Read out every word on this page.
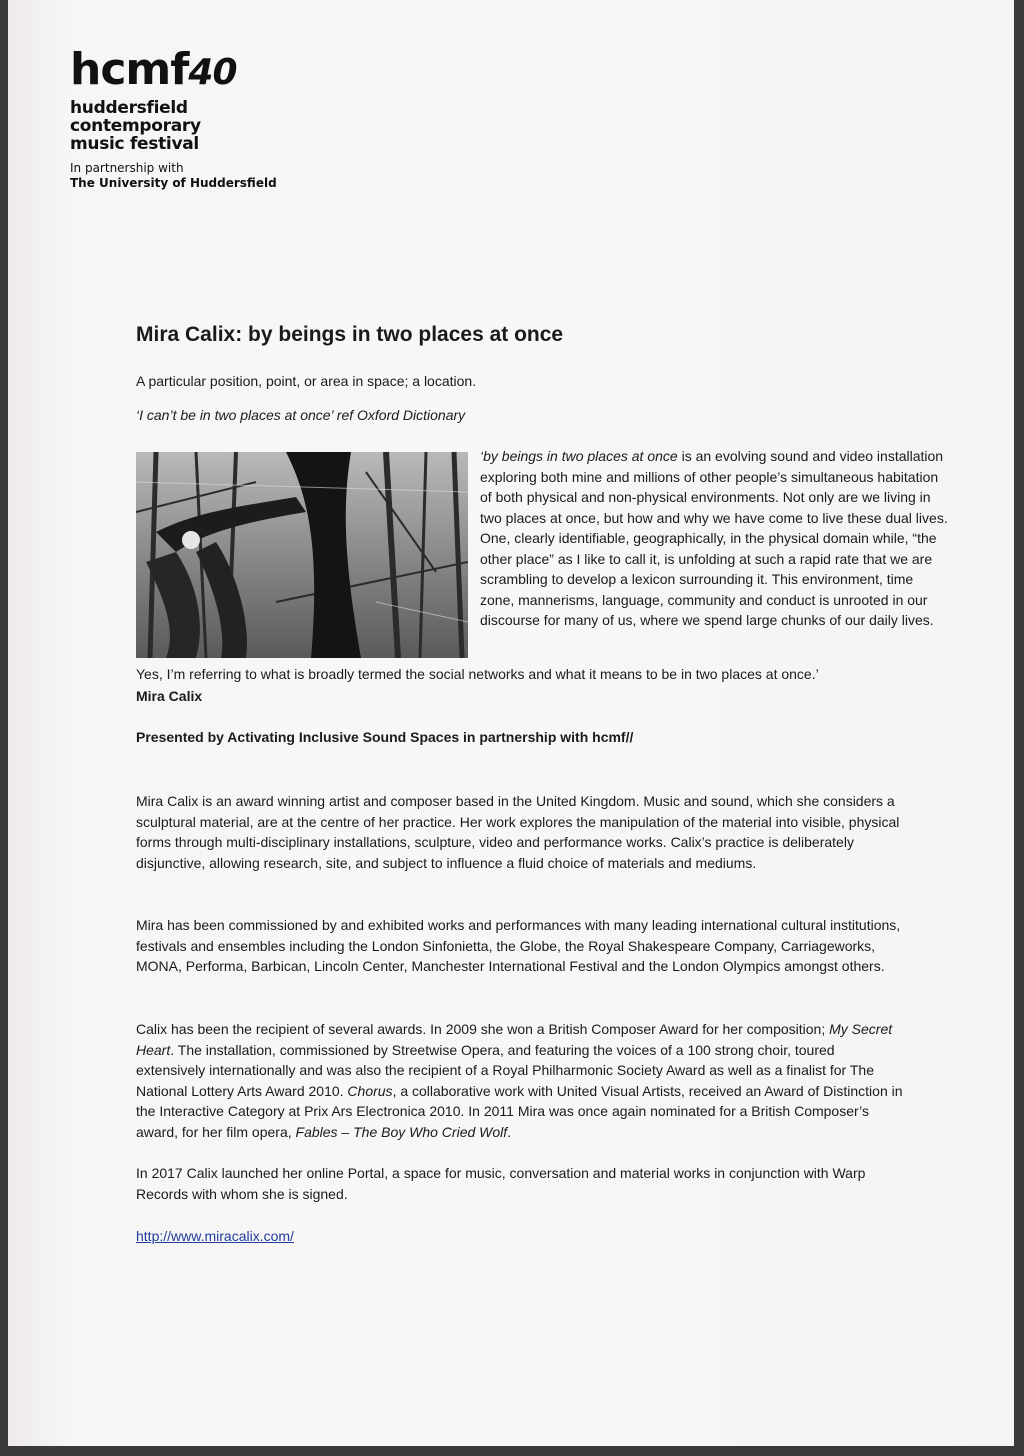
hcmf40
huddersfield
contemporary
music festival
In partnership with
The University of Huddersfield
Mira Calix: by beings in two places at once
A particular position, point, or area in space; a location.
‘I can’t be in two places at once’ ref Oxford Dictionary
‘by beings in two places at once is an evolving sound and video installation exploring both mine and millions of other people’s simultaneous habitation of both physical and non-physical environments. Not only are we living in two places at once, but how and why we have come to live these dual lives. One, clearly identifiable, geographically, in the physical domain while, “the other place” as I like to call it, is unfolding at such a rapid rate that we are scrambling to develop a lexicon surrounding it. This environment, time zone, mannerisms, language, community and conduct is unrooted in our discourse for many of us, where we spend large chunks of our daily lives.
Yes, I’m referring to what is broadly termed the social networks and what it means to be in two places at once.’
Mira Calix
Presented by Activating Inclusive Sound Spaces in partnership with hcmf//
Mira Calix is an award winning artist and composer based in the United Kingdom. Music and sound, which she considers a sculptural material, are at the centre of her practice. Her work explores the manipulation of the material into visible, physical forms through multi-disciplinary installations, sculpture, video and performance works. Calix’s practice is deliberately disjunctive, allowing research, site, and subject to influence a fluid choice of materials and mediums.
Mira has been commissioned by and exhibited works and performances with many leading international cultural institutions, festivals and ensembles including the London Sinfonietta, the Globe, the Royal Shakespeare Company, Carriageworks, MONA, Performa, Barbican, Lincoln Center, Manchester International Festival and the London Olympics amongst others.
Calix has been the recipient of several awards. In 2009 she won a British Composer Award for her composition; My Secret Heart. The installation, commissioned by Streetwise Opera, and featuring the voices of a 100 strong choir, toured extensively internationally and was also the recipient of a Royal Philharmonic Society Award as well as a finalist for The National Lottery Arts Award 2010. Chorus, a collaborative work with United Visual Artists, received an Award of Distinction in the Interactive Category at Prix Ars Electronica 2010. In 2011 Mira was once again nominated for a British Composer’s award, for her film opera, Fables – The Boy Who Cried Wolf.
In 2017 Calix launched her online Portal, a space for music, conversation and material works in conjunction with Warp Records with whom she is signed.
http://www.miracalix.com/
